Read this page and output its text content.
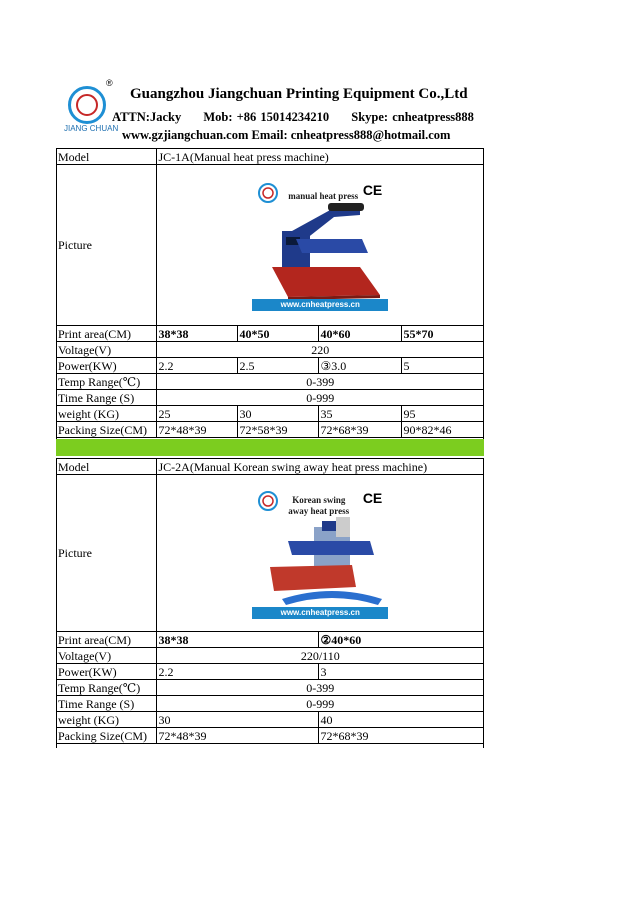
®
JIANG CHUAN
Guangzhou Jiangchuan Printing Equipment Co.,Ltd
ATTN:Jacky Mob: +86 15014234210 Skype: cnheatpress888
www.gzjiangchuan.com Email: cnheatpress888@hotmail.com
Model	JC-1A(Manual heat press machine)			
Picture	manual heat press CE
www.cnheatpress.cn			

Print area(CM)	38*38	40*50	40*60	55*70
Voltage(V)	220			
Power(KW)	2.2	2.5	③3.0	5
Temp Range(℃)	0-399			
Time Range (S)	0-999			
weight (KG)	25	30	35	95
Packing Size(CM)	72*48*39	72*58*39	72*68*39	90*82*46
Model	JC-2A(Manual Korean swing away heat press machine)	
Picture	Korean swing
away heat press
CE
www.cnheatpress.cn	

Print area(CM)	38*38	②40*60
Voltage(V)	220/110	
Power(KW)	2.2	3
Temp Range(℃)	0-399	
Time Range (S)	0-999	
weight (KG)	30	40
Packing Size(CM)	72*48*39	72*68*39
